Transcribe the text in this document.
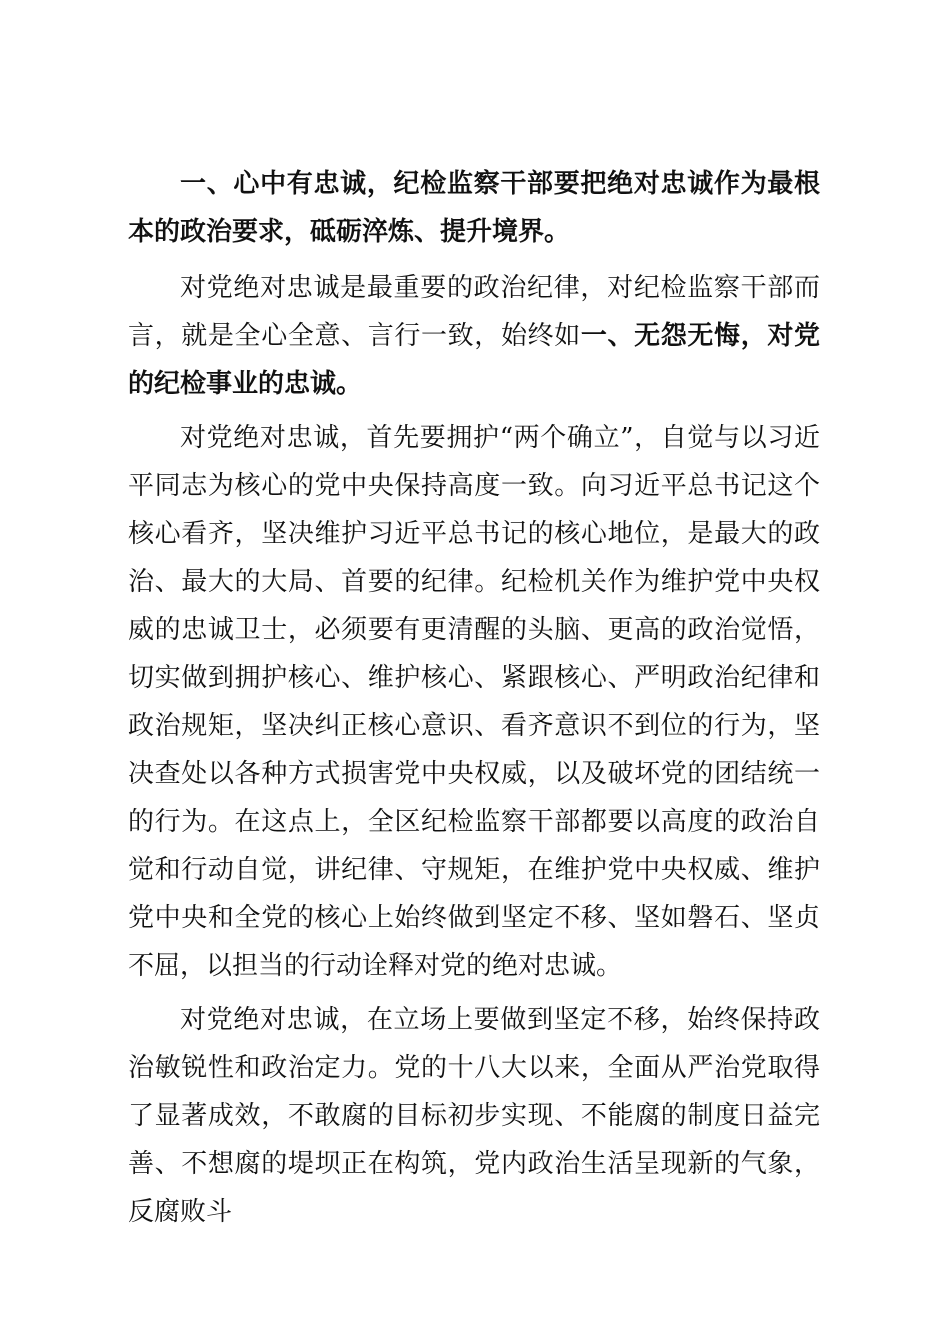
一、心中有忠诚，纪检监察干部要把绝对忠诚作为最根本的政治要求，砥砺淬炼、提升境界。

对党绝对忠诚是最重要的政治纪律，对纪检监察干部而言，就是全心全意、言行一致，始终如一、无怨无悔，对党的纪检事业的忠诚。

对党绝对忠诚，首先要拥护“两个确立”，自觉与以习近平同志为核心的党中央保持高度一致。向习近平总书记这个核心看齐，坚决维护习近平总书记的核心地位，是最大的政治、最大的大局、首要的纪律。纪检机关作为维护党中央权威的忠诚卫士，必须要有更清醒的头脑、更高的政治觉悟，切实做到拥护核心、维护核心、紧跟核心、严明政治纪律和政治规矩，坚决纠正核心意识、看齐意识不到位的行为，坚决查处以各种方式损害党中央权威，以及破坏党的团结统一的行为。在这点上，全区纪检监察干部都要以高度的政治自觉和行动自觉，讲纪律、守规矩，在维护党中央权威、维护党中央和全党的核心上始终做到坚定不移、坚如磐石、坚贞不屈，以担当的行动诠释对党的绝对忠诚。

对党绝对忠诚，在立场上要做到坚定不移，始终保持政治敏锐性和政治定力。党的十八大以来，全面从严治党取得了显著成效，不敢腐的目标初步实现、不能腐的制度日益完善、不想腐的堤坝正在构筑，党内政治生活呈现新的气象，反腐败斗
